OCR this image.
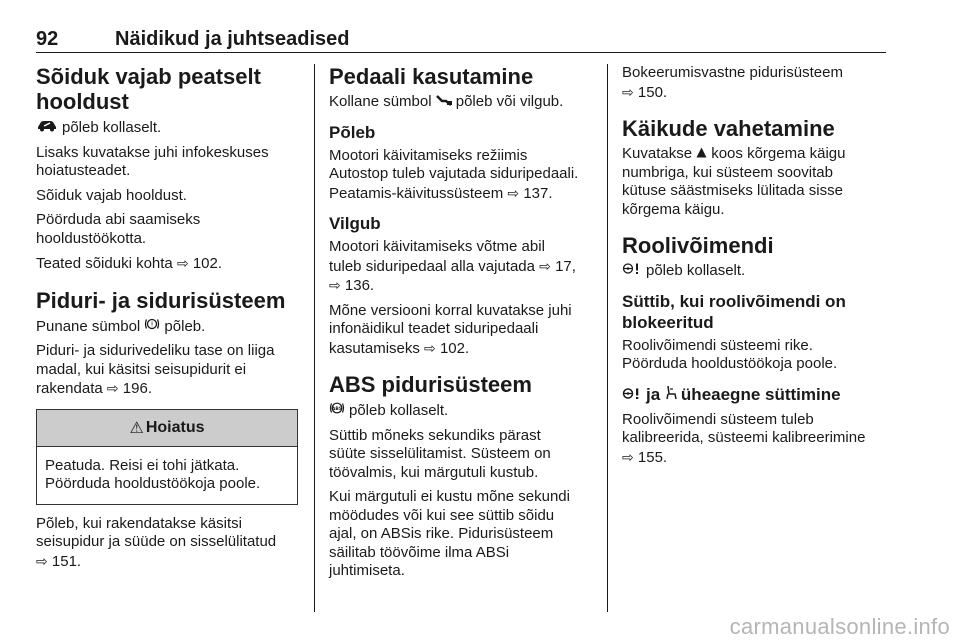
92	Näidikud ja juhtseadised
Sõiduk vajab peatselt
hooldust

põleb kollaselt.

Lisaks kuvatakse juhi infokeskuses
hoiatusteadet.

Sõiduk vajab hooldust.

Pöörduda abi saamiseks
hooldustöökotta.

Teated sõiduki kohta ⇨ 102.

Piduri- ja sidurisüsteem

Punane sümbol ! põleb.

Piduri- ja sidurivedeliku tase on liiga
madal, kui käsitsi seisupidurit ei
rakendata ⇨ 196.

⚠ Hoiatus

Peatuda. Reisi ei tohi jätkata.
Pöörduda hooldustöökoja poole.

Põleb, kui rakendatakse käsitsi
seisupidur ja süüde on sisselülitatud
⇨ 151.

Pedaali kasutamine

Kollane sümbol põleb või vilgub.

Põleb

Mootori käivitamiseks režiimis
Autostop tuleb vajutada siduripedaali.
Peatamis-käivitussüsteem ⇨ 137.

Vilgub

Mootori käivitamiseks võtme abil
tuleb siduripedaal alla vajutada ⇨ 17,
⇨ 136.

Mõne versiooni korral kuvatakse juhi
infonäidikul teadet siduripedaali
kasutamiseks ⇨ 102.

ABS pidurisüsteem

ABS põleb kollaselt.

Süttib mõneks sekundiks pärast
süüte sisselülitamist. Süsteem on
töövalmis, kui märgutuli kustub.

Kui märgutuli ei kustu mõne sekundi
möödudes või kui see süttib sõidu
ajal, on ABSis rike. Pidurisüsteem
säilitab töövõime ilma ABSi
juhtimiseta.

Bokeerumisvastne pidurisüsteem
⇨ 150.

Käikude vahetamine

Kuvatakse koos kõrgema käigu
numbriga, kui süsteem soovitab
kütuse säästmiseks lülitada sisse
kõrgema käigu.

Roolivõimendi

põleb kollaselt.

Süttib, kui roolivõimendi on
blokeeritud

Roolivõimendi süsteemi rike.
Pöörduda hooldustöökoja poole.

ja üheaegne süttimine

Roolivõimendi süsteem tuleb
kalibreerida, süsteemi kalibreerimine
⇨ 155.

carmanualsonline.info
